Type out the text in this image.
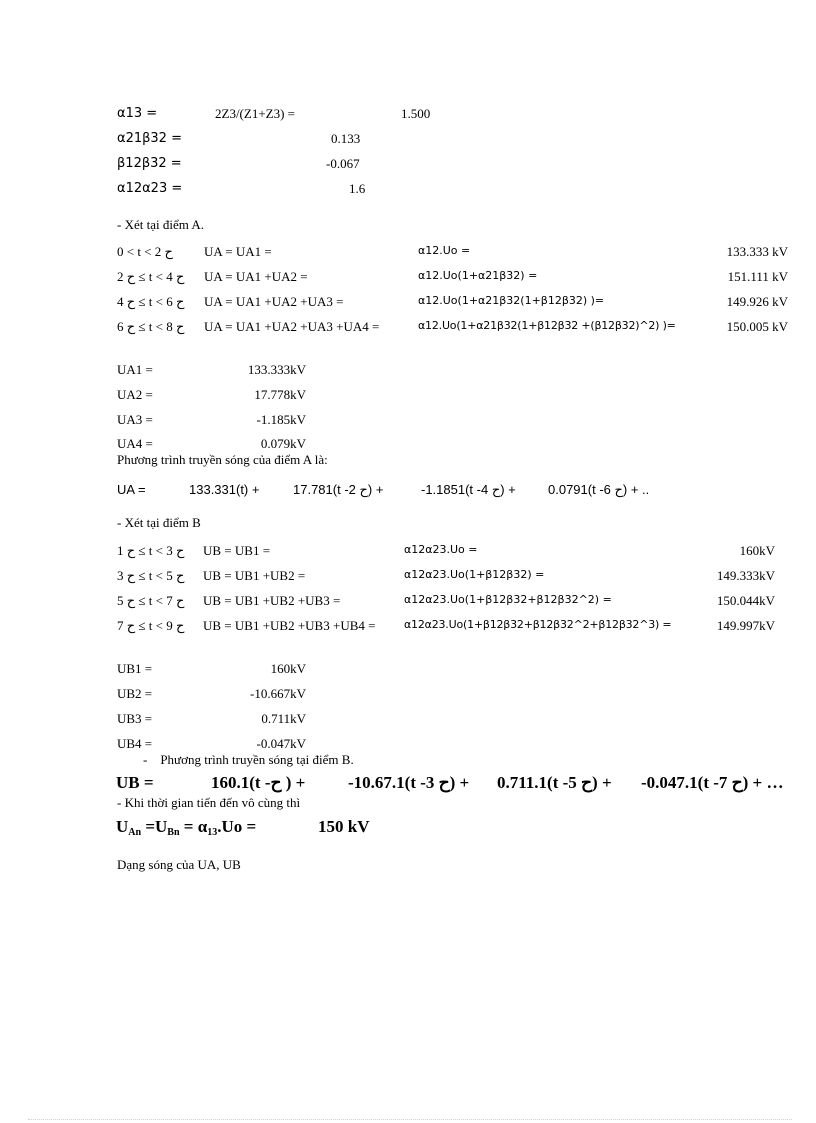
α13 =	2Z3/(Z1+Z3) =	1.500
α21β32 =	0.133
β12β32 =	-0.067
α12α23 =	1.6
- Xét tại điểm A.
0 < t < 2 ح UA = UA1 =	α12.Uo =	133.333 kV
2 ح ≤ t < 4 ح UA = UA1 +UA2 =	α12.Uo(1+α21β32) =	151.111 kV
4 ح ≤ t < 6 ح UA = UA1 +UA2 +UA3 =	α12.Uo(1+α21β32(1+β12β32) )=	149.926 kV
6 ح ≤ t < 8 ح UA = UA1 +UA2 +UA3 +UA4 =	α12.Uo(1+α21β32(1+β12β32 +(β12β32)^2) )=	150.005 kV
UA1 =	133.333kV
UA2 =	17.778kV
UA3 =	-1.185kV
UA4 =	0.079kV
Phương trình truyền sóng của điểm A là:
UA =	133.331(t) +	17.781(t -2 ح) +	-1.1851(t -4 ح) + 0.0791(t -6 ح) + ..
- Xét tại điểm B
1 ح ≤ t < 3 ح UB = UB1 =	α12α23.Uo =	160kV
3 ح ≤ t < 5 ح UB = UB1 +UB2 =	α12α23.Uo(1+β12β32) =	149.333kV
5 ح ≤ t < 7 ح UB = UB1 +UB2 +UB3 =	α12α23.Uo(1+β12β32+β12β32^2) =	150.044kV
7 ح ≤ t < 9 ح UB = UB1 +UB2 +UB3 +UB4 =	α12α23.Uo(1+β12β32+β12β32^2+β12β32^3) =	149.997kV
UB1 =	160kV
UB2 =	-10.667kV
UB3 =	0.711kV
UB4 =	-0.047kV
-    Phương trình truyền sóng tại điểm B.
UB =	160.1(t -ح ) +	-10.67.1(t -3 ح) + 0.711.1(t -5 ح) + -0.047.1(t -7 ح) + …
- Khi thời gian tiến đến vô cùng thì
$U_{An} =U_{Bn} = \alpha_{13}.Uo$ =	150 kV
Dạng sóng của UA, UB
